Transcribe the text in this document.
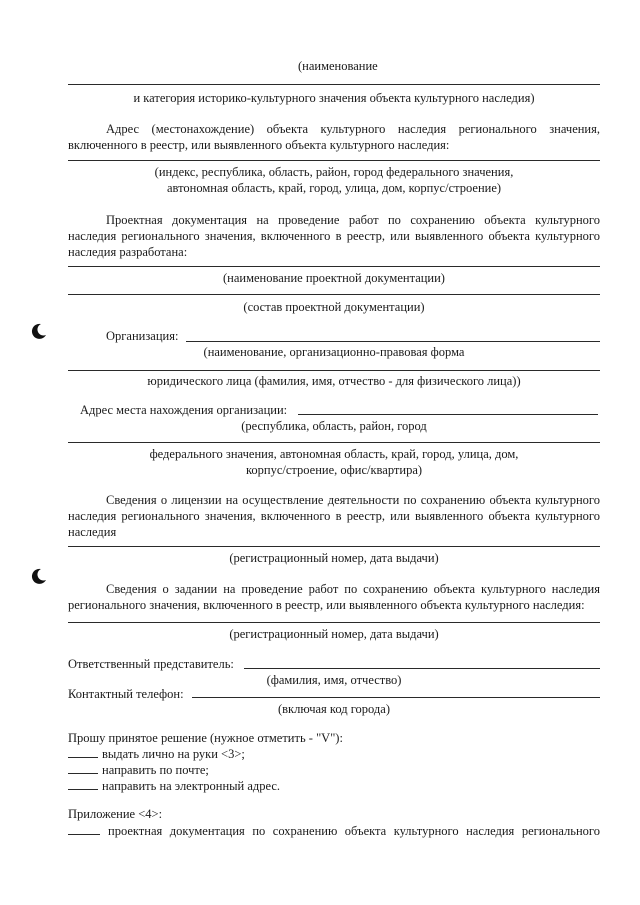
(наименование
и категория историко-культурного значения объекта культурного наследия)
Адрес (местонахождение) объекта культурного наследия регионального значения, включенного в реестр, или выявленного объекта культурного наследия:
(индекс, республика, область, район, город федерального значения,
автономная область, край, город, улица, дом, корпус/строение)
Проектная документация на проведение работ по сохранению объекта культурного наследия регионального значения, включенного в реестр, или выявленного объекта культурного наследия разработана:
(наименование проектной документации)
(состав проектной документации)
Организация:
(наименование, организационно-правовая форма
юридического лица (фамилия, имя, отчество - для физического лица))
Адрес места нахождения организации:
(республика, область, район, город
федерального значения, автономная область, край, город, улица, дом,
корпус/строение, офис/квартира)
Сведения о лицензии на осуществление деятельности по сохранению объекта культурного наследия регионального значения, включенного в реестр, или выявленного объекта культурного наследия
(регистрационный номер, дата выдачи)
Сведения о задании на проведение работ по сохранению объекта культурного наследия регионального значения, включенного в реестр, или выявленного объекта культурного наследия:
(регистрационный номер, дата выдачи)
Ответственный представитель:
(фамилия, имя, отчество)
Контактный телефон:
(включая код города)
Прошу принятое решение (нужное отметить - "V"):
выдать лично на руки <3>;
направить по почте;
направить на электронный адрес.
Приложение <4>:
проектная документация по сохранению объекта культурного наследия регионального
